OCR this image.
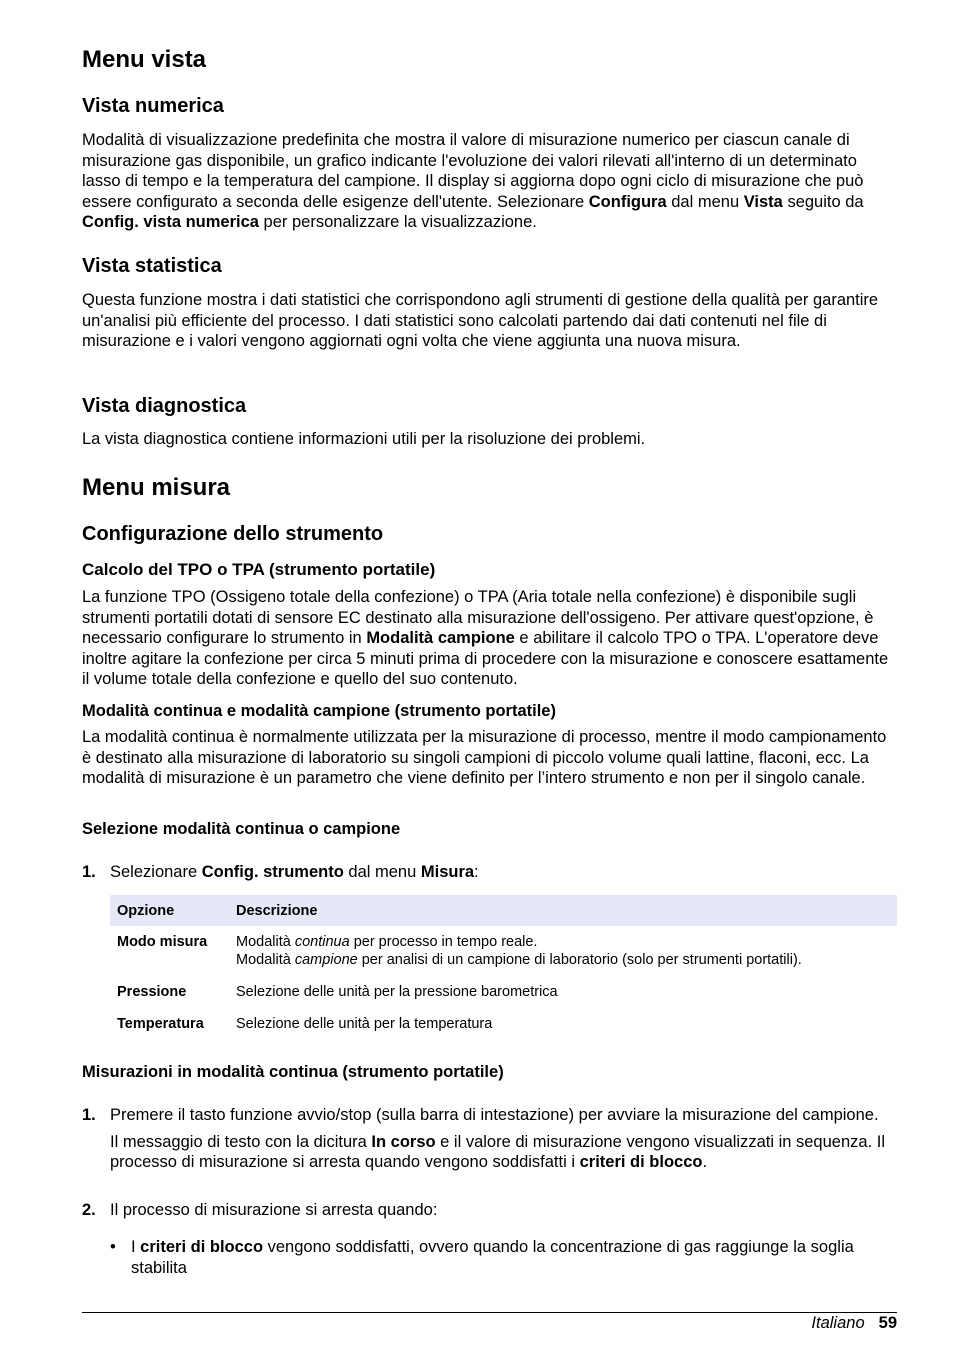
Menu vista
Vista numerica

Modalità di visualizzazione predefinita che mostra il valore di misurazione numerico per ciascun canale di misurazione gas disponibile, un grafico indicante l'evoluzione dei valori rilevati all'interno di un determinato lasso di tempo e la temperatura del campione. Il display si aggiorna dopo ogni ciclo di misurazione che può essere configurato a seconda delle esigenze dell'utente. Selezionare Configura dal menu Vista seguito da Config. vista numerica per personalizzare la visualizzazione.

Vista statistica

Questa funzione mostra i dati statistici che corrispondono agli strumenti di gestione della qualità per garantire un'analisi più efficiente del processo. I dati statistici sono calcolati partendo dai dati contenuti nel file di misurazione e i valori vengono aggiornati ogni volta che viene aggiunta una nuova misura.

Vista diagnostica

La vista diagnostica contiene informazioni utili per la risoluzione dei problemi.

Menu misura
Configurazione dello strumento
Calcolo del TPO o TPA (strumento portatile)

La funzione TPO (Ossigeno totale della confezione) o TPA (Aria totale nella confezione) è disponibile sugli strumenti portatili dotati di sensore EC destinato alla misurazione dell'ossigeno. Per attivare quest'opzione, è necessario configurare lo strumento in Modalità campione e abilitare il calcolo TPO o TPA. L'operatore deve inoltre agitare la confezione per circa 5 minuti prima di procedere con la misurazione e conoscere esattamente il volume totale della confezione e quello del suo contenuto.

Modalità continua e modalità campione (strumento portatile)

La modalità continua è normalmente utilizzata per la misurazione di processo, mentre il modo campionamento è destinato alla misurazione di laboratorio su singoli campioni di piccolo volume quali lattine, flaconi, ecc. La modalità di misurazione è un parametro che viene definito per l’intero strumento e non per il singolo canale.

Selezione modalità continua o campione
1. Selezionare Config. strumento dal menu Misura:
Opzione	Descrizione
Modo misura	Modalità continua per processo in tempo reale.
Modalità campione per analisi di un campione di laboratorio (solo per strumenti portatili).

Pressione	Selezione delle unità per la pressione barometrica
Temperatura	Selezione delle unità per la temperatura
Misurazioni in modalità continua (strumento portatile)
1. Premere il tasto funzione avvio/stop (sulla barra di intestazione) per avviare la misurazione del campione.
Il messaggio di testo con la dicitura In corso e il valore di misurazione vengono visualizzati in sequenza. Il processo di misurazione si arresta quando vengono soddisfatti i criteri di blocco.
2. Il processo di misurazione si arresta quando:
• I criteri di blocco vengono soddisfatti, ovvero quando la concentrazione di gas raggiunge la soglia stabilita
Italiano 59
